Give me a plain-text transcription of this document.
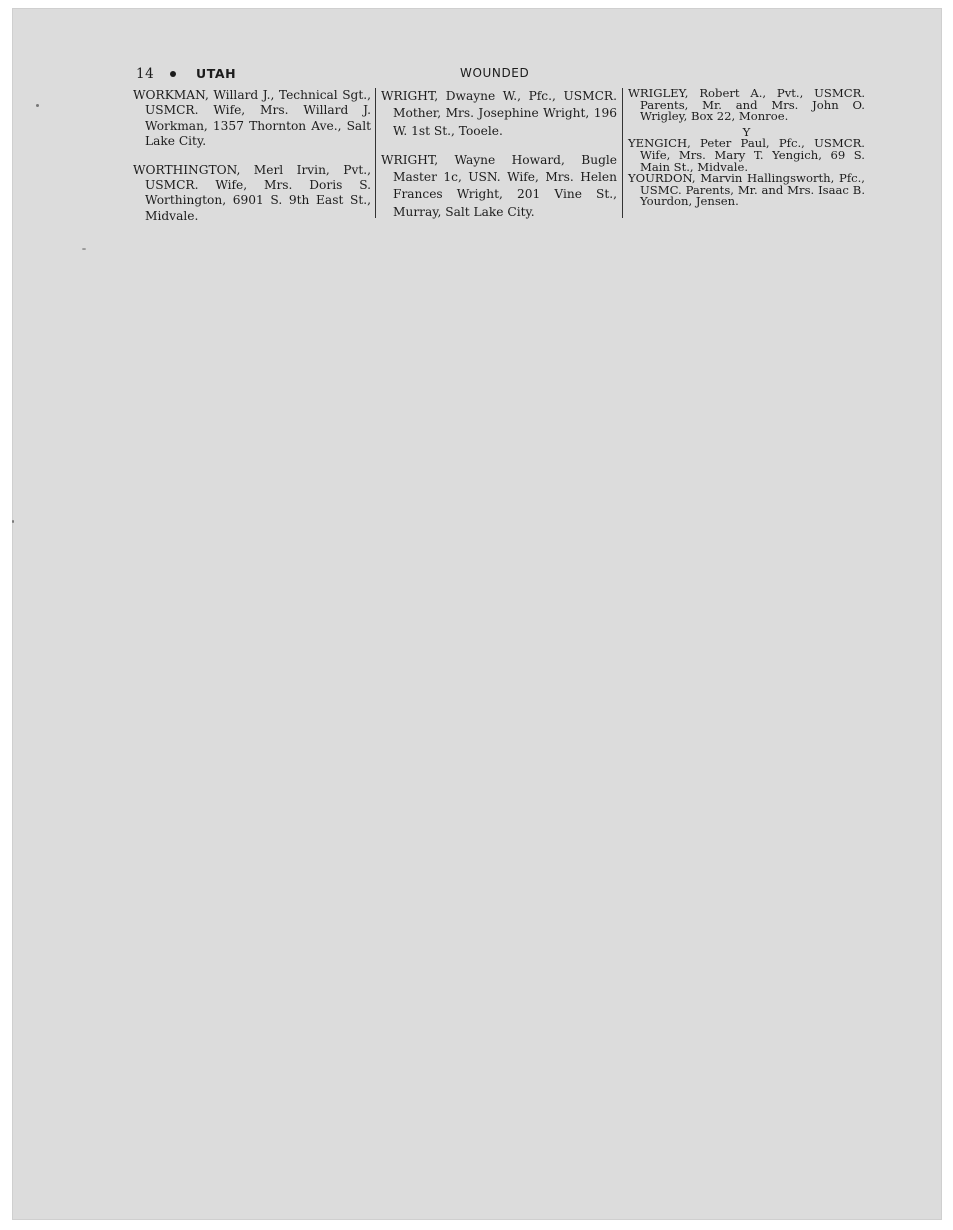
14	UTAH	WOUNDED

WORKMAN, Willard J., Technical Sgt., USMCR. Wife, Mrs. Willard J. Workman, 1357 Thornton Ave., Salt Lake City.

WORTHINGTON, Merl Irvin, Pvt., USMCR. Wife, Mrs. Doris S. Worthington, 6901 S. 9th East St., Midvale.

WRIGHT, Dwayne W., Pfc., USMCR. Mother, Mrs. Josephine Wright, 196 W. 1st St., Tooele.

WRIGHT, Wayne Howard, Bugle Master 1c, USN. Wife, Mrs. Helen Frances Wright, 201 Vine St., Murray, Salt Lake City.

WRIGLEY, Robert A., Pvt., USMCR. Parents, Mr. and Mrs. John O. Wrigley, Box 22, Monroe.

Y

YENGICH, Peter Paul, Pfc., USMCR. Wife, Mrs. Mary T. Yengich, 69 S. Main St., Midvale.

YOURDON, Marvin Hallingsworth, Pfc., USMC. Parents, Mr. and Mrs. Isaac B. Yourdon, Jensen.
